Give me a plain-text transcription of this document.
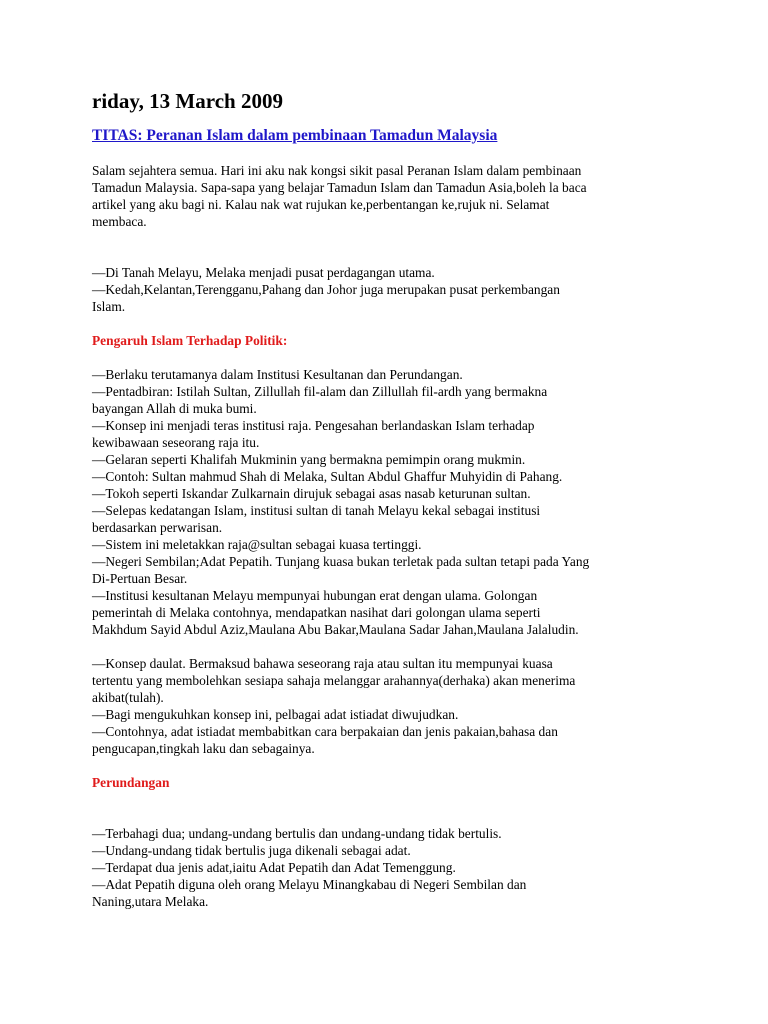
riday, 13 March 2009
TITAS: Peranan Islam dalam pembinaan Tamadun Malaysia

Salam sejahtera semua. Hari ini aku nak kongsi sikit pasal Peranan Islam dalam pembinaan
Tamadun Malaysia. Sapa-sapa yang belajar Tamadun Islam dan Tamadun Asia,boleh la baca
artikel yang aku bagi ni. Kalau nak wat rujukan ke,perbentangan ke,rujuk ni. Selamat
membaca.

—Di Tanah Melayu, Melaka menjadi pusat perdagangan utama.
—Kedah,Kelantan,Terengganu,Pahang dan Johor juga merupakan pusat perkembangan
Islam.

Pengaruh Islam Terhadap Politik:

—Berlaku terutamanya dalam Institusi Kesultanan dan Perundangan.
—Pentadbiran: Istilah Sultan, Zillullah fil-alam dan Zillullah fil-ardh yang bermakna
bayangan Allah di muka bumi.
—Konsep ini menjadi teras institusi raja. Pengesahan berlandaskan Islam terhadap
kewibawaan seseorang raja itu.
—Gelaran seperti Khalifah Mukminin yang bermakna pemimpin orang mukmin.
—Contoh: Sultan mahmud Shah di Melaka, Sultan Abdul Ghaffur Muhyidin di Pahang.
—Tokoh seperti Iskandar Zulkarnain dirujuk sebagai asas nasab keturunan sultan.
—Selepas kedatangan Islam, institusi sultan di tanah Melayu kekal sebagai institusi
berdasarkan perwarisan.
—Sistem ini meletakkan raja@sultan sebagai kuasa tertinggi.
—Negeri Sembilan;Adat Pepatih. Tunjang kuasa bukan terletak pada sultan tetapi pada Yang
Di-Pertuan Besar.
—Institusi kesultanan Melayu mempunyai hubungan erat dengan ulama. Golongan
pemerintah di Melaka contohnya, mendapatkan nasihat dari golongan ulama seperti
Makhdum Sayid Abdul Aziz,Maulana Abu Bakar,Maulana Sadar Jahan,Maulana Jalaludin.

—Konsep daulat. Bermaksud bahawa seseorang raja atau sultan itu mempunyai kuasa
tertentu yang membolehkan sesiapa sahaja melanggar arahannya(derhaka) akan menerima
akibat(tulah).
—Bagi mengukuhkan konsep ini, pelbagai adat istiadat diwujudkan.
—Contohnya, adat istiadat membabitkan cara berpakaian dan jenis pakaian,bahasa dan
pengucapan,tingkah laku dan sebagainya.

Perundangan

—Terbahagi dua; undang-undang bertulis dan undang-undang tidak bertulis.
—Undang-undang tidak bertulis juga dikenali sebagai adat.
—Terdapat dua jenis adat,iaitu Adat Pepatih dan Adat Temenggung.
—Adat Pepatih diguna oleh orang Melayu Minangkabau di Negeri Sembilan dan
Naning,utara Melaka.
